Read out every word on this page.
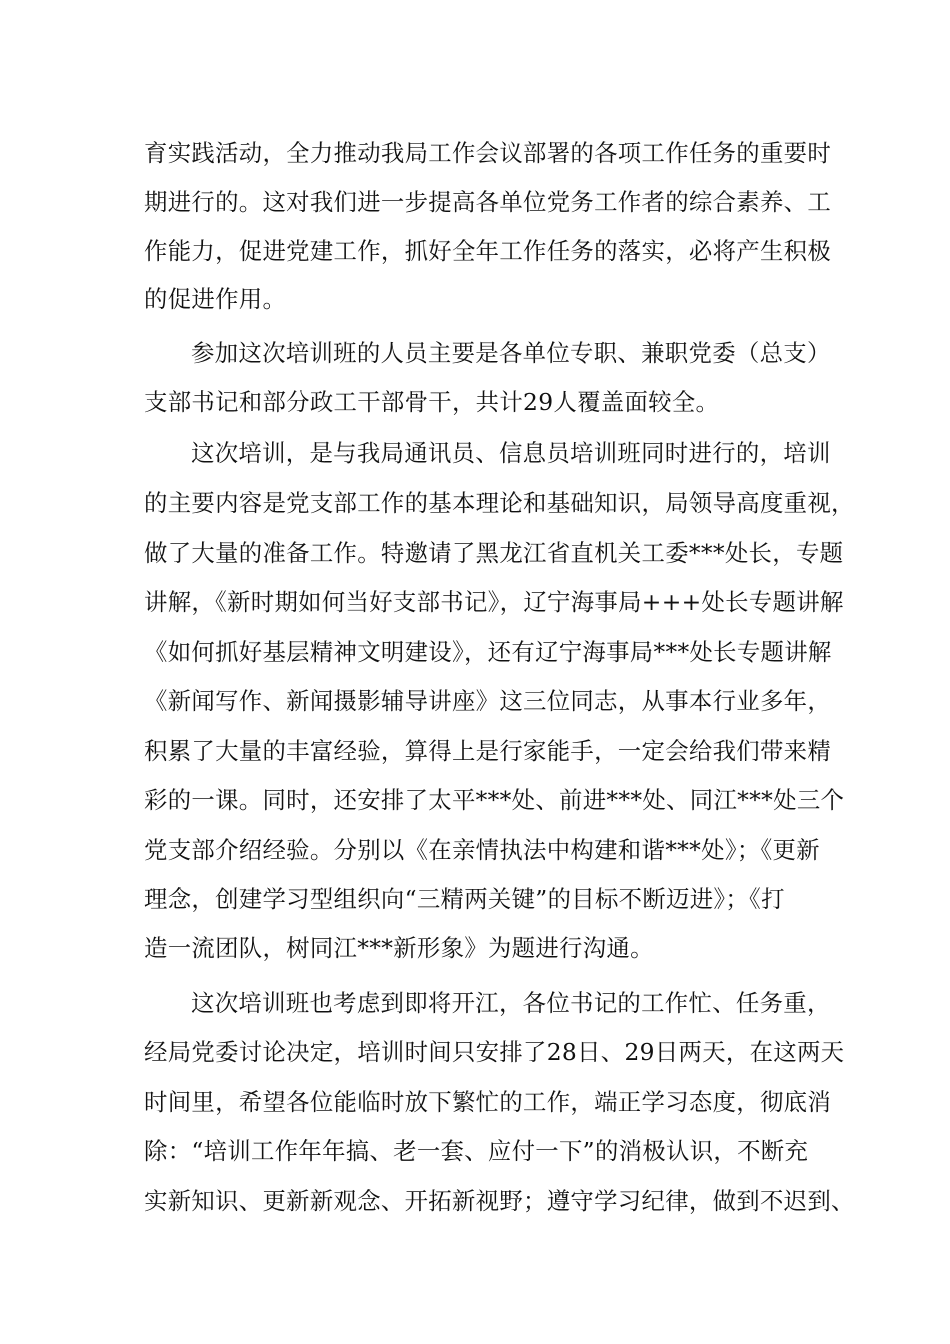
育实践活动，全力推动我局工作会议部署的各项工作任务的重要时
期进行的。这对我们进一步提高各单位党务工作者的综合素养、工
作能力，促进党建工作，抓好全年工作任务的落实，必将产生积极
的促进作用。
参加这次培训班的人员主要是各单位专职、兼职党委（总支）
支部书记和部分政工干部骨干，共计29人覆盖面较全。
这次培训，是与我局通讯员、信息员培训班同时进行的，培训
的主要内容是党支部工作的基本理论和基础知识，局领导高度重视，
做了大量的准备工作。特邀请了黑龙江省直机关工委***处长，专题
讲解，《新时期如何当好支部书记》，辽宁海事局+++处长专题讲解
《如何抓好基层精神文明建设》，还有辽宁海事局***处长专题讲解
《新闻写作、新闻摄影辅导讲座》这三位同志，从事本行业多年，
积累了大量的丰富经验，算得上是行家能手，一定会给我们带来精
彩的一课。同时，还安排了太平***处、前进***处、同江***处三个
党支部介绍经验。分别以《在亲情执法中构建和谐***处》；《更新
理念，创建学习型组织向“三精两关键”的目标不断迈进》；《打
造一流团队，树同江***新形象》为题进行沟通。
这次培训班也考虑到即将开江，各位书记的工作忙、任务重，
经局党委讨论决定，培训时间只安排了28日、29日两天，在这两天
时间里，希望各位能临时放下繁忙的工作，端正学习态度，彻底消
除：“培训工作年年搞、老一套、应付一下”的消极认识，不断充
实新知识、更新新观念、开拓新视野；遵守学习纪律，做到不迟到、
